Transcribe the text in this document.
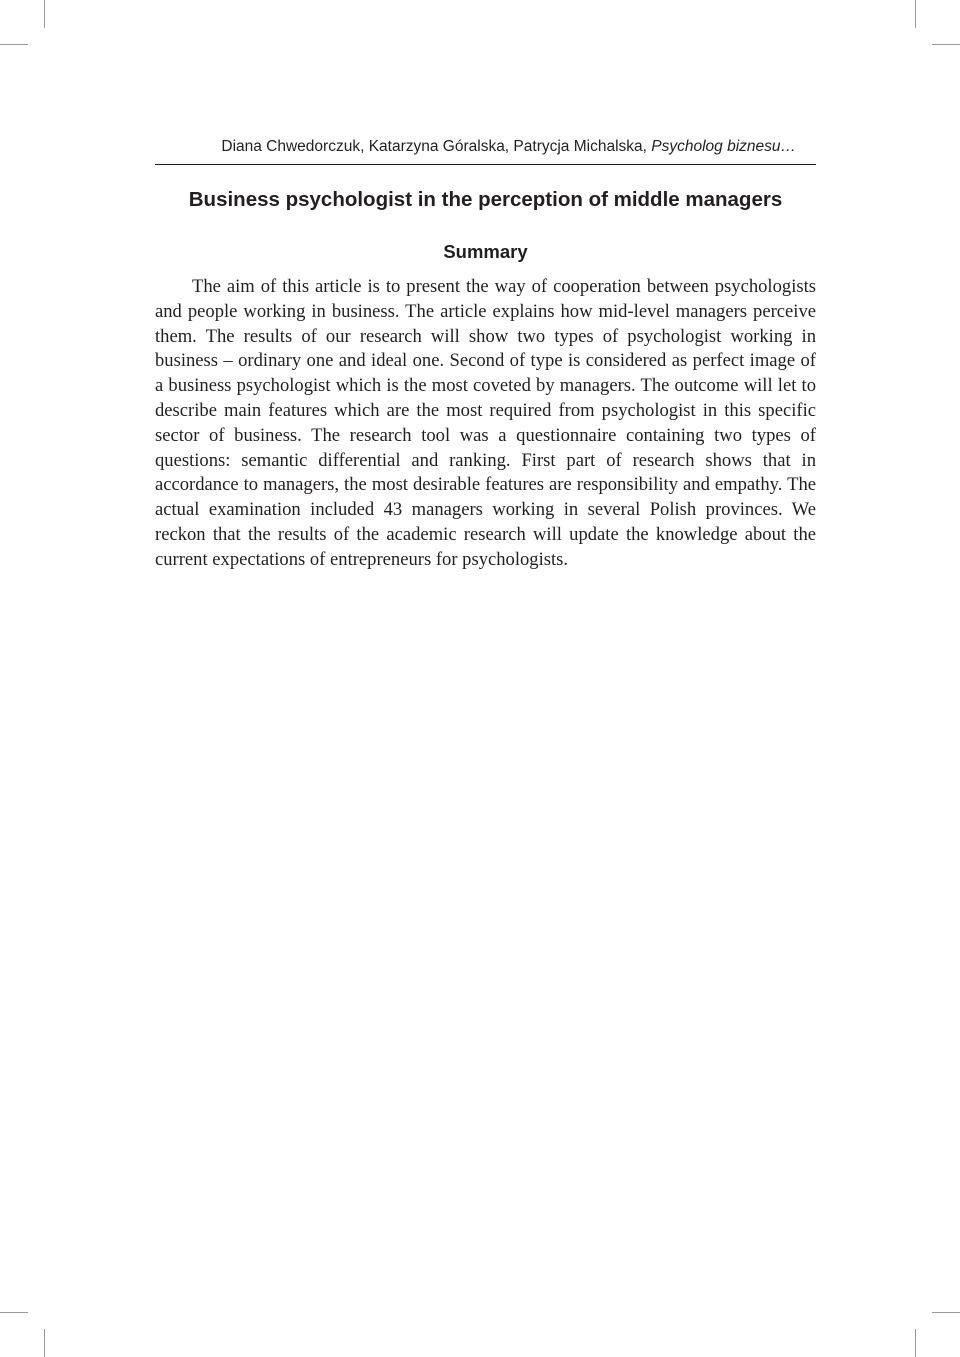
Diana Chwedorczuk, Katarzyna Góralska, Patrycja Michalska, Psycholog biznesu…
Business psychologist in the perception of middle managers
Summary

The aim of this article is to present the way of cooperation between psychologists and people working in business. The article explains how mid-level managers perceive them. The results of our research will show two types of psychologist working in business – ordinary one and ideal one. Second of type is considered as perfect image of a business psychologist which is the most coveted by managers. The outcome will let to describe main features which are the most required from psychologist in this specific sector of business. The research tool was a questionnaire containing two types of questions: semantic differential and ranking. First part of research shows that in accordance to managers, the most desirable features are responsibility and empathy. The actual examination included 43 managers working in several Polish provinces. We reckon that the results of the academic research will update the knowledge about the current expectations of entrepreneurs for psychologists.
